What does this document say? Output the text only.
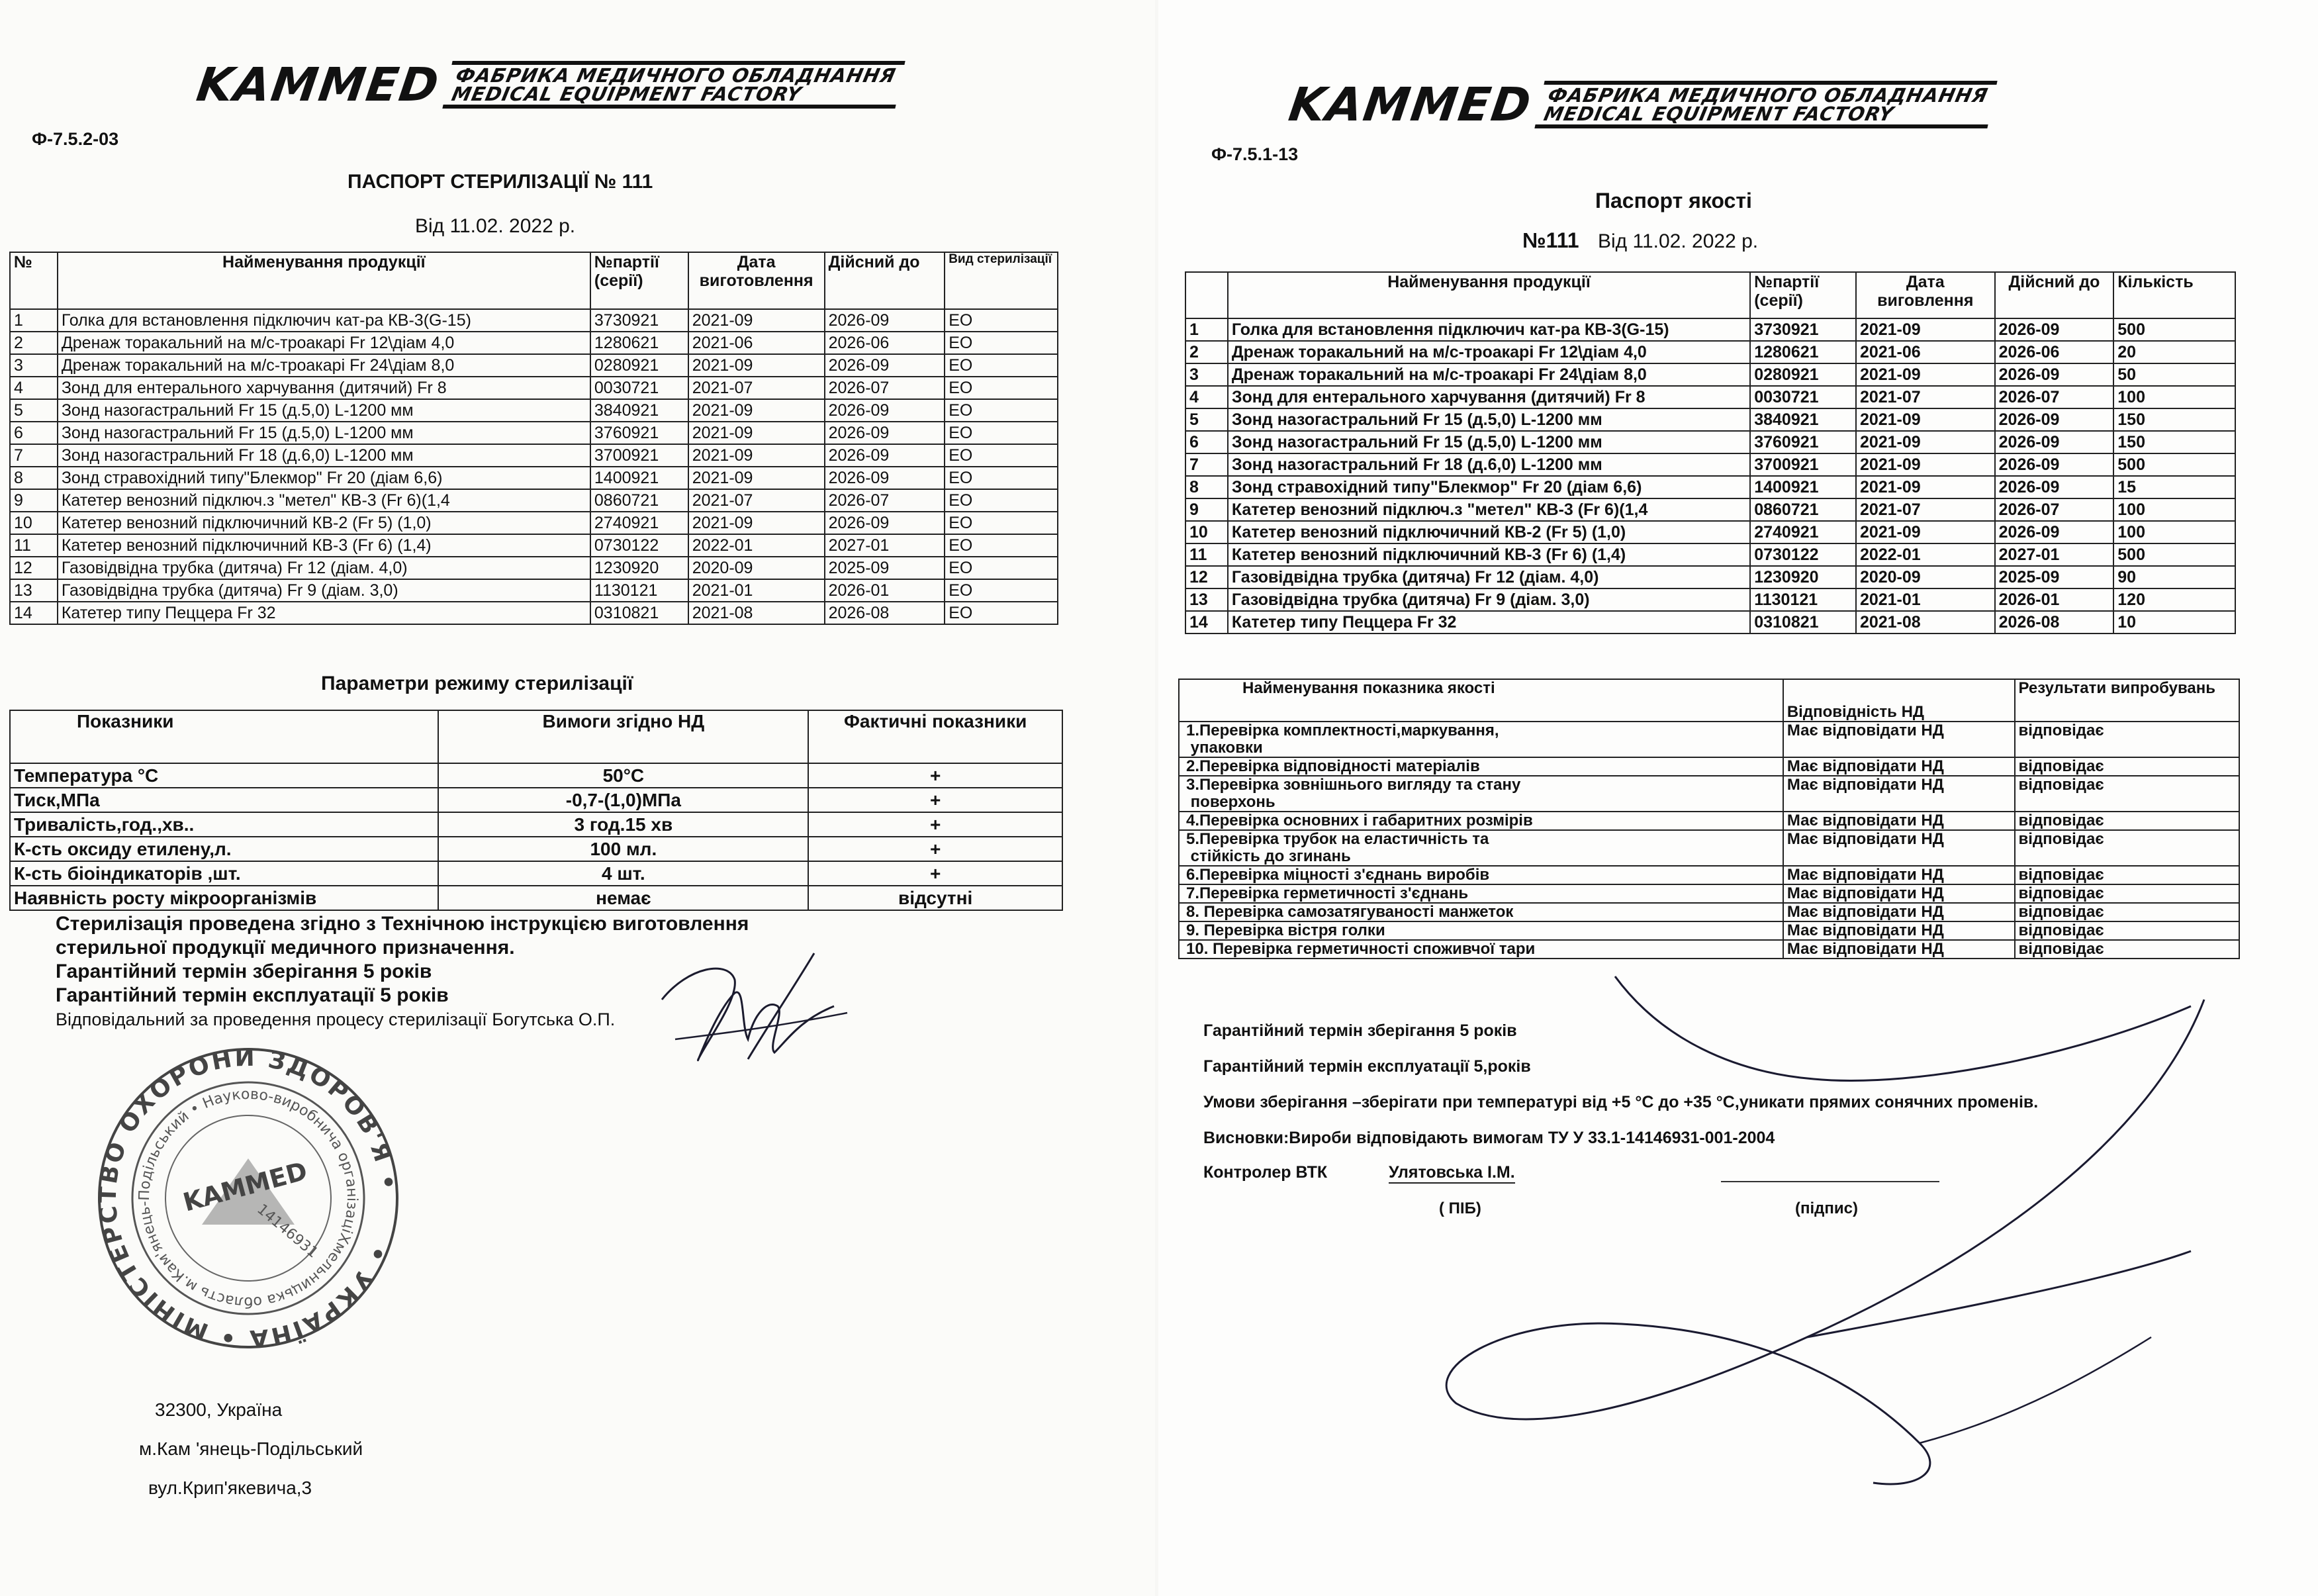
KAMMED ФАБРИКА МЕДИЧНОГО ОБЛАДНАННЯ
MEDICAL EQUIPMENT FACTORY
Ф-7.5.2-03
ПАСПОРТ СТЕРИЛІЗАЦІЇ № 111
Від 11.02. 2022 р.
№	Найменування продукції	№партії (серії)	Дата виготовлення	Дійсний до	Вид стерилізації
1	Голка для встановлення підключич кат-ра КВ-3(G-15)	3730921	2021-09	2026-09	ЕО
2	Дренаж торакальний на м/с-троакарі Fr 12\діам 4,0	1280621	2021-06	2026-06	ЕО
3	Дренаж торакальний на м/с-троакарі Fr 24\діам 8,0	0280921	2021-09	2026-09	ЕО
4	Зонд для ентерального харчування (дитячий) Fr 8	0030721	2021-07	2026-07	ЕО
5	Зонд назогастральний Fr 15 (д.5,0) L-1200 мм	3840921	2021-09	2026-09	ЕО
6	Зонд назогастральний Fr 15 (д.5,0) L-1200 мм	3760921	2021-09	2026-09	ЕО
7	Зонд назогастральний Fr 18 (д.6,0) L-1200 мм	3700921	2021-09	2026-09	ЕО
8	Зонд стравохідний типу"Блекмор" Fr 20 (діам 6,6)	1400921	2021-09	2026-09	ЕО
9	Катетер венозний підключ.з "метел" КВ-3 (Fr 6)(1,4	0860721	2021-07	2026-07	ЕО
10	Катетер венозний підключичний КВ-2 (Fr 5) (1,0)	2740921	2021-09	2026-09	ЕО
11	Катетер венозний підключичний КВ-3 (Fr 6) (1,4)	0730122	2022-01	2027-01	ЕО
12	Газовідвідна трубка (дитяча) Fr 12 (діам. 4,0)	1230920	2020-09	2025-09	ЕО
13	Газовідвідна трубка (дитяча) Fr 9 (діам. 3,0)	1130121	2021-01	2026-01	ЕО
14	Катетер типу Пеццера Fr 32	0310821	2021-08	2026-08	ЕО
Параметри режиму стерилізації
Показники	Вимоги згідно НД	Фактичні показники
Температура °С	50°С	+
Тиск,МПа	-0,7-(1,0)МПа	+
Тривалість,год.,хв..	3 год.15 хв	+
К-сть оксиду етилену,л.	100 мл.	+
К-сть біоіндикаторів ,шт.	4 шт.	+
Наявність росту мікроорганізмів	немає	відсутні
Стерилізація проведена згідно з Технічною інструкцією виготовлення
стерильної продукції медичного призначення.
Гарантійний термін зберігання 5 років
Гарантійний термін експлуатації 5 років
Відповідальний за проведення процесу стерилізації Богутська О.П.
• УКРАЇНА • МІНІСТЕРСТВО ОХОРОНИ ЗДОРОВ'Я •
Хмельницька область м.Кам'янець-Подільський • Науково-виробнича організація
KAMMED
14146931
32300, Україна
м.Кам 'янець-Подільський
вул.Крип'якевича,3
KAMMED ФАБРИКА МЕДИЧНОГО ОБЛАДНАННЯ
MEDICAL EQUIPMENT FACTORY
Ф-7.5.1-13
Паспорт якості
№111 Від 11.02. 2022 р.
	Найменування продукції	№партії (серії)	Дата виговлення	Дійсний до	Кількість
1	Голка для встановлення підключич кат-ра КВ-3(G-15)	3730921	2021-09	2026-09	500
2	Дренаж торакальний на м/с-троакарі Fr 12\діам 4,0	1280621	2021-06	2026-06	20
3	Дренаж торакальний на м/с-троакарі Fr 24\діам 8,0	0280921	2021-09	2026-09	50
4	Зонд для ентерального харчування (дитячий) Fr 8	0030721	2021-07	2026-07	100
5	Зонд назогастральний Fr 15 (д.5,0) L-1200 мм	3840921	2021-09	2026-09	150
6	Зонд назогастральний Fr 15 (д.5,0) L-1200 мм	3760921	2021-09	2026-09	150
7	Зонд назогастральний Fr 18 (д.6,0) L-1200 мм	3700921	2021-09	2026-09	500
8	Зонд стравохідний типу"Блекмор" Fr 20 (діам 6,6)	1400921	2021-09	2026-09	15
9	Катетер венозний підключ.з "метел" КВ-3 (Fr 6)(1,4	0860721	2021-07	2026-07	100
10	Катетер венозний підключичний КВ-2 (Fr 5) (1,0)	2740921	2021-09	2026-09	100
11	Катетер венозний підключичний КВ-3 (Fr 6) (1,4)	0730122	2022-01	2027-01	500
12	Газовідвідна трубка (дитяча) Fr 12 (діам. 4,0)	1230920	2020-09	2025-09	90
13	Газовідвідна трубка (дитяча) Fr 9 (діам. 3,0)	1130121	2021-01	2026-01	120
14	Катетер типу Пеццера Fr 32	0310821	2021-08	2026-08	10
Найменування показника якості	Відповідність НД	Результати випробувань
1.Перевірка комплектності,маркування,
упаковки	Має відповідати НД	відповідає
2.Перевірка відповідності матеріалів	Має відповідати НД	відповідає
3.Перевірка зовнішнього вигляду та стану
поверхонь	Має відповідати НД	відповідає
4.Перевірка основних і габаритних розмірів	Має відповідати НД	відповідає
5.Перевірка трубок на еластичність та
стійкість до згинань	Має відповідати НД	відповідає
6.Перевірка міцності з'єднань виробів	Має відповідати НД	відповідає
7.Перевірка герметичності з'єднань	Має відповідати НД	відповідає
8. Перевірка самозатягуваності манжеток	Має відповідати НД	відповідає
9. Перевірка вістря голки	Має відповідати НД	відповідає
10. Перевірка герметичності споживчої тари	Має відповідати НД	відповідає
Гарантійний термін зберігання 5 років
Гарантійний термін експлуатації 5,років
Умови зберігання –зберігати при температурі від +5 °С до +35 °С,уникати прямих сонячних променів.
Висновки:Вироби відповідають вимогам ТУ У 33.1-14146931-001-2004
Контролер ВТК	Улятовська І.М.
( ПІБ)	(підпис)
